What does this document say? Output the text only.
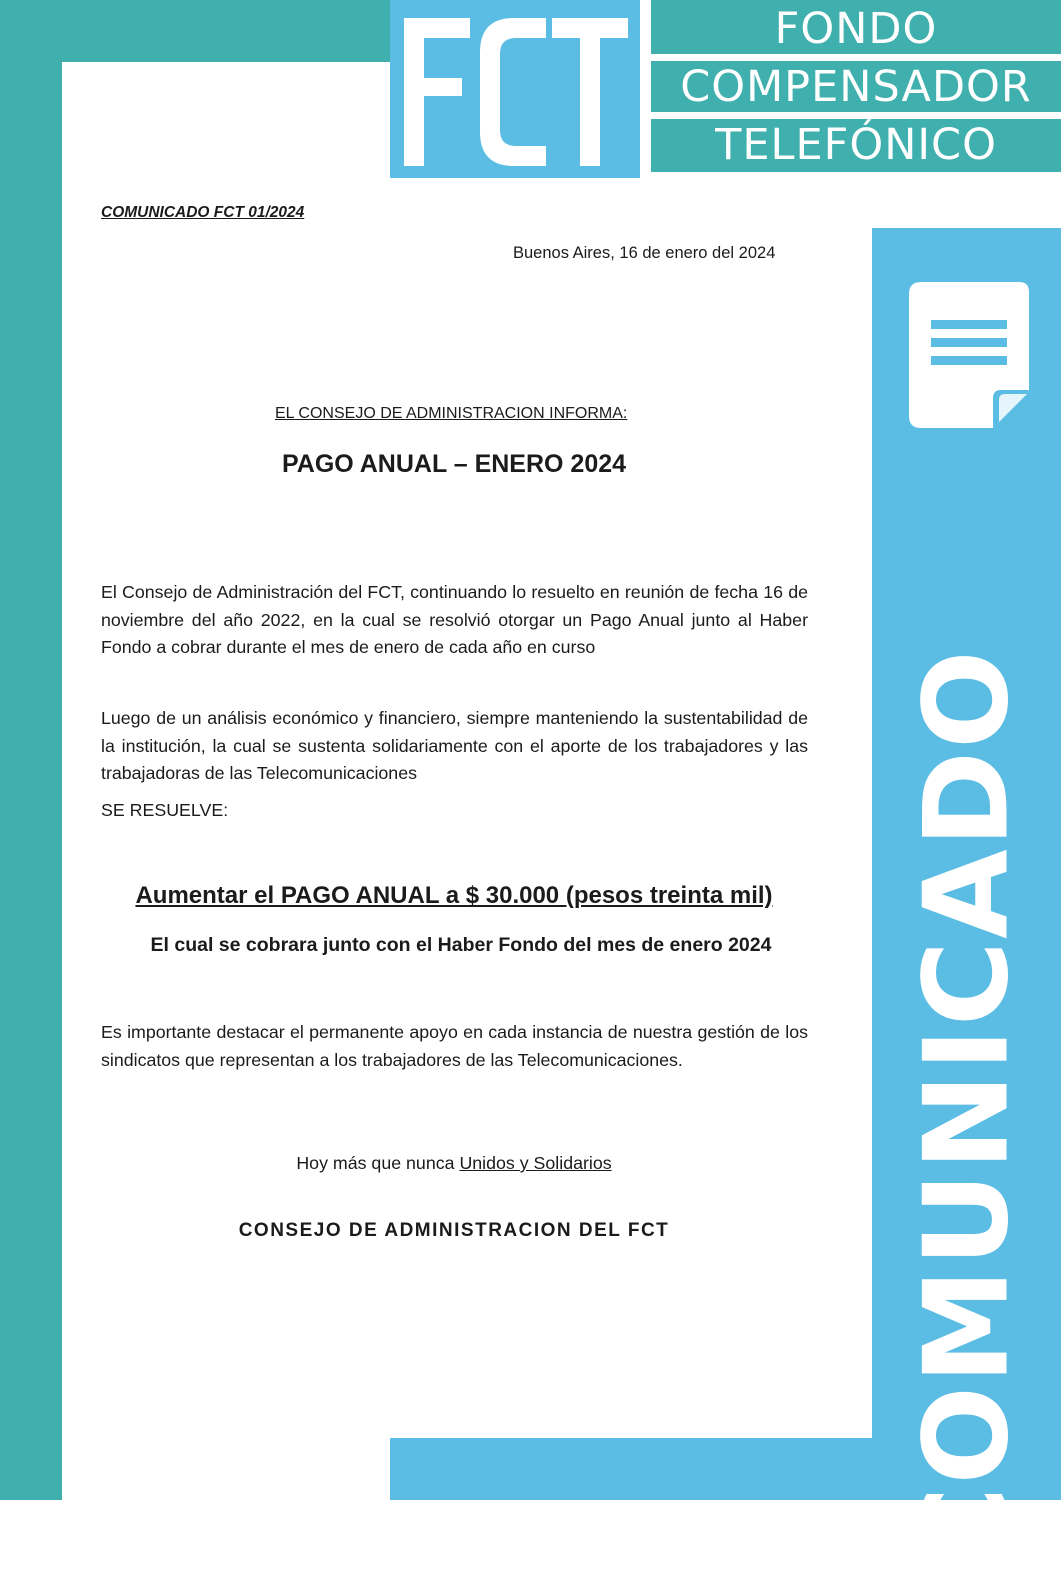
FONDO
COMPENSADOR
TELEFÓNICO
COMUNICADO
COMUNICADO FCT 01/2024
Buenos Aires, 16 de enero del 2024
EL CONSEJO DE ADMINISTRACION INFORMA:
PAGO ANUAL – ENERO 2024
El Consejo de Administración del FCT, continuando lo resuelto en reunión de fecha 16 de noviembre del año 2022, en la cual se resolvió otorgar un Pago Anual junto al Haber Fondo a cobrar durante el mes de enero de cada año en curso
Luego de un análisis económico y financiero, siempre manteniendo la sustentabilidad de la institución, la cual se sustenta solidariamente con el aporte de los trabajadores y las trabajadoras de las Telecomunicaciones
SE RESUELVE:
Aumentar el PAGO ANUAL a $ 30.000 (pesos treinta mil)
El cual se cobrara junto con el Haber Fondo del mes de enero 2024
Es importante destacar el permanente apoyo en cada instancia de nuestra gestión de los sindicatos que representan a los trabajadores de las Telecomunicaciones.
Hoy más que nunca Unidos y Solidarios
CONSEJO DE ADMINISTRACION DEL FCT
